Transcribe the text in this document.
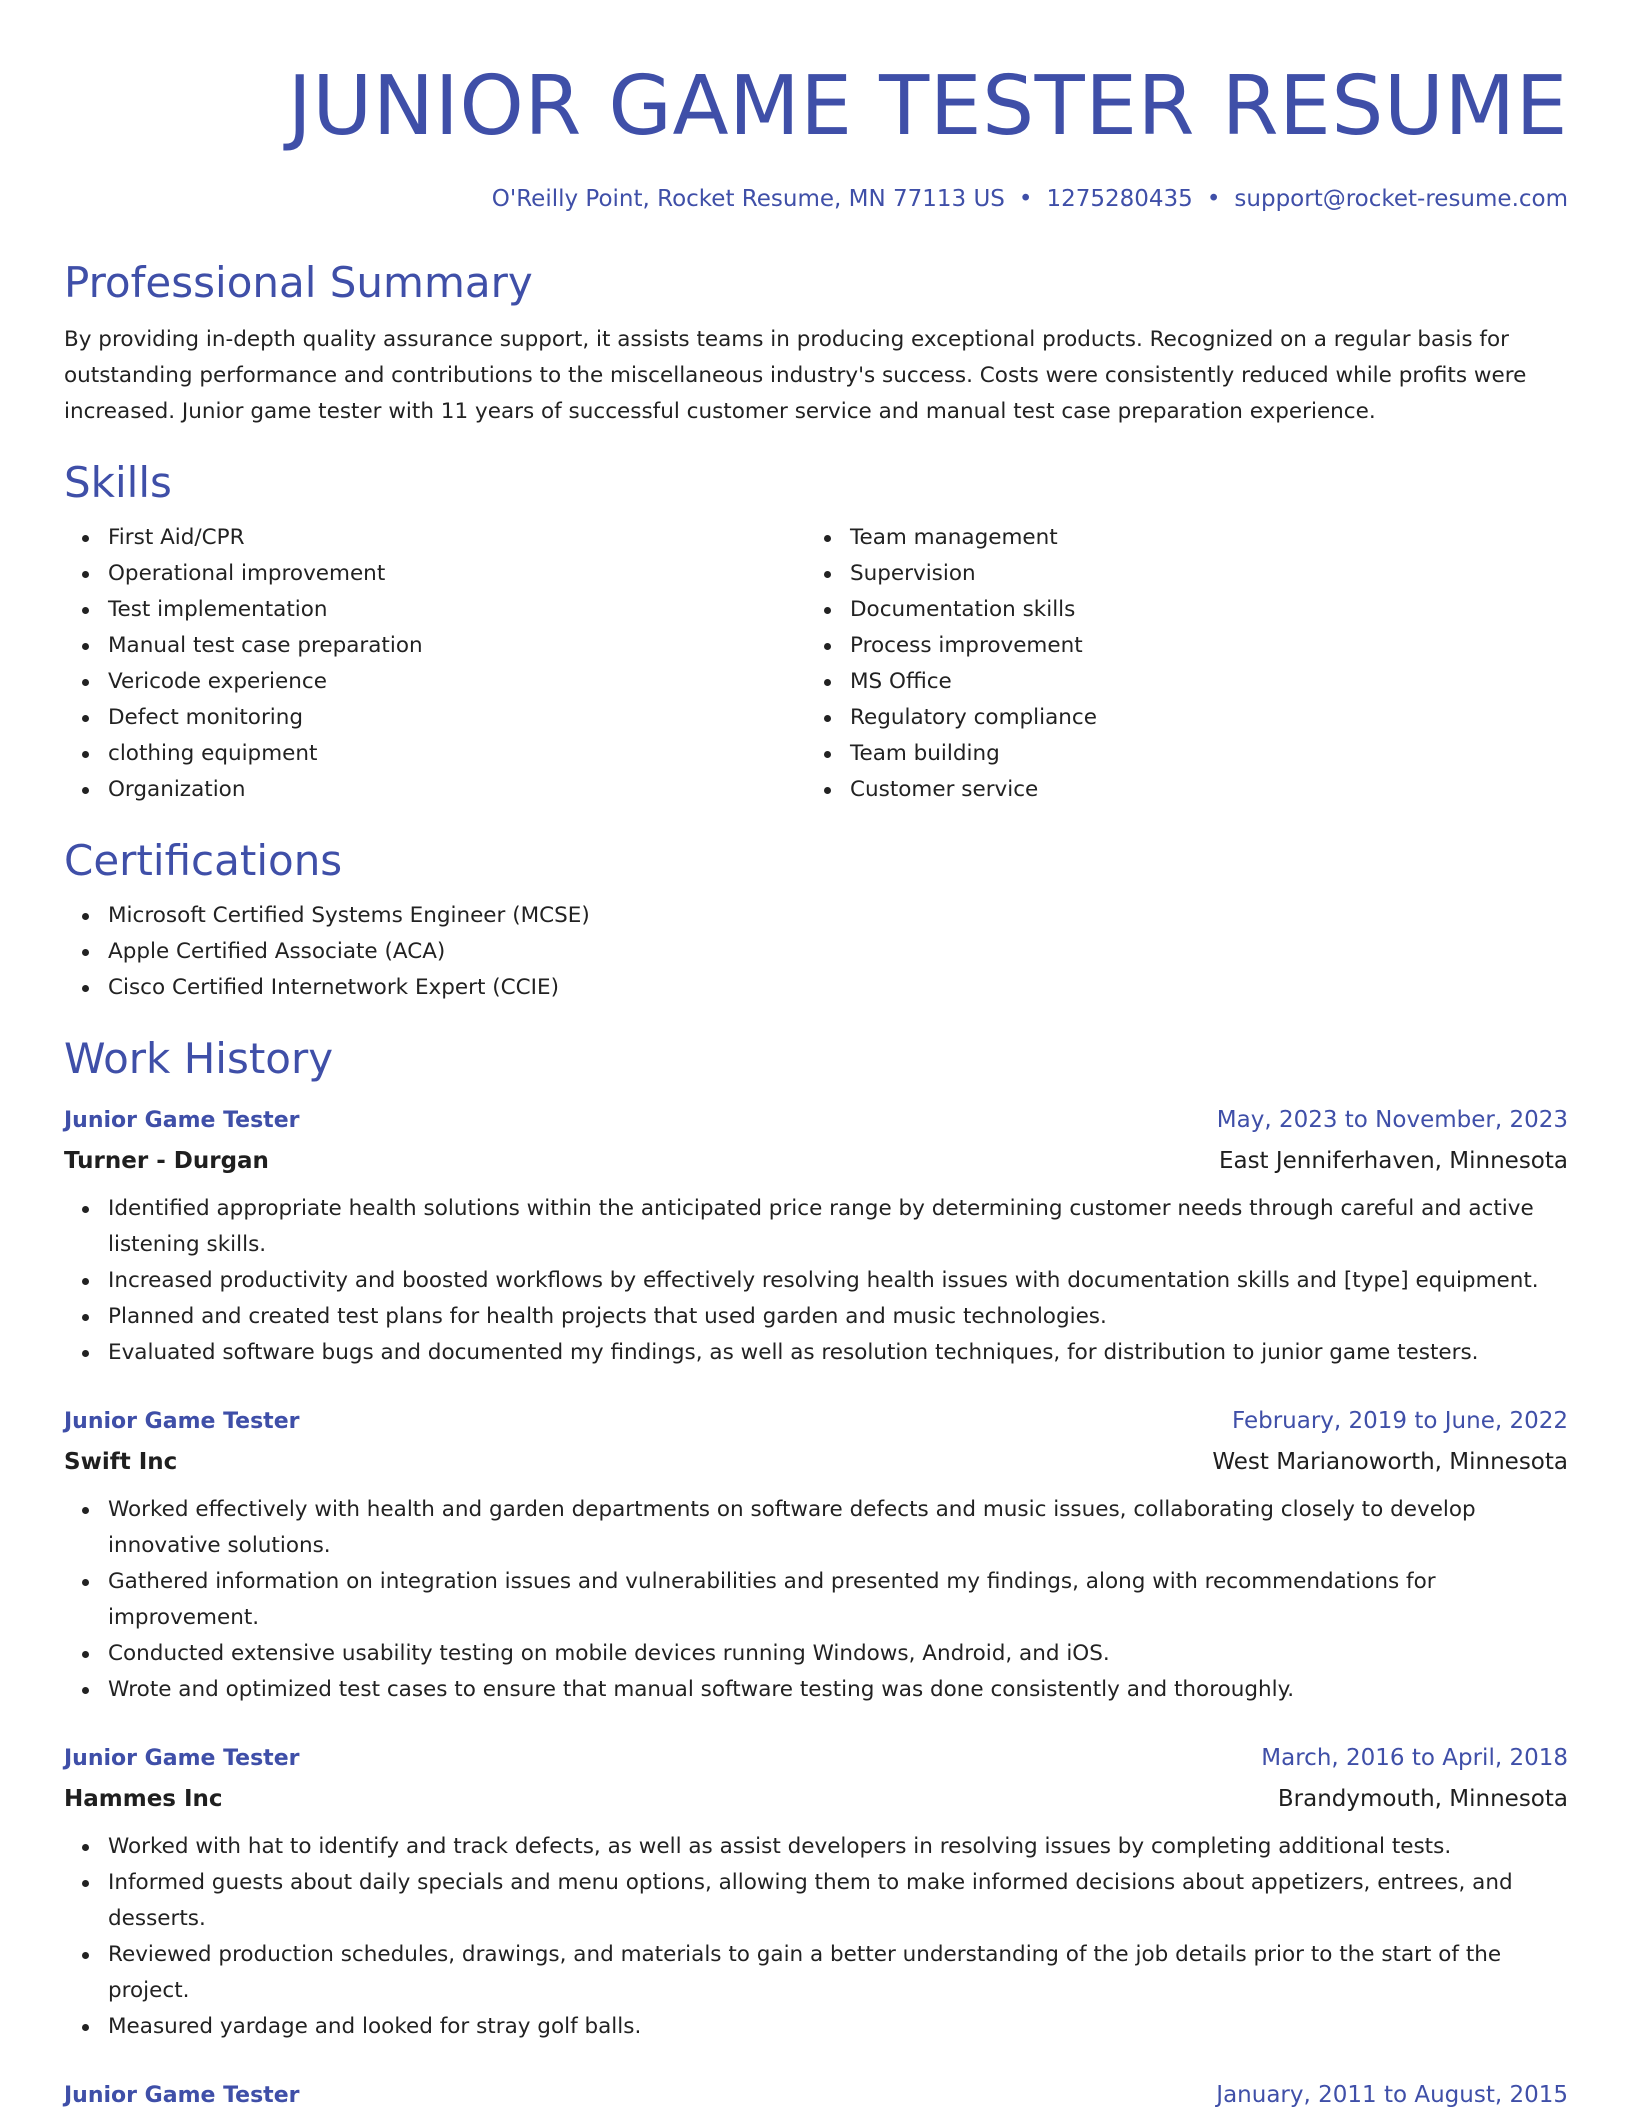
JUNIOR GAME TESTER RESUME
O'Reilly Point, Rocket Resume, MN 77113 US • 1275280435 • support@rocket-resume.com
Professional Summary

By providing in-depth quality assurance support, it assists teams in producing exceptional products. Recognized on a regular basis for outstanding performance and contributions to the miscellaneous industry's success. Costs were consistently reduced while profits were increased. Junior game tester with 11 years of successful customer service and manual test case preparation experience.

Skills
First Aid/CPR
Operational improvement
Test implementation
Manual test case preparation
Vericode experience
Defect monitoring
clothing equipment
Organization
Team management
Supervision
Documentation skills
Process improvement
MS Office
Regulatory compliance
Team building
Customer service
Certifications
Microsoft Certified Systems Engineer (MCSE)
Apple Certified Associate (ACA)
Cisco Certified Internetwork Expert (CCIE)
Work History
Junior Game Tester	May, 2023 to November, 2023
Turner - Durgan	East Jenniferhaven, Minnesota
Identified appropriate health solutions within the anticipated price range by determining customer needs through careful and active listening skills.
Increased productivity and boosted workflows by effectively resolving health issues with documentation skills and [type] equipment.
Planned and created test plans for health projects that used garden and music technologies.
Evaluated software bugs and documented my findings, as well as resolution techniques, for distribution to junior game testers.
Junior Game Tester	February, 2019 to June, 2022
Swift Inc	West Marianoworth, Minnesota
Worked effectively with health and garden departments on software defects and music issues, collaborating closely to develop innovative solutions.
Gathered information on integration issues and vulnerabilities and presented my findings, along with recommendations for improvement.
Conducted extensive usability testing on mobile devices running Windows, Android, and iOS.
Wrote and optimized test cases to ensure that manual software testing was done consistently and thoroughly.
Junior Game Tester	March, 2016 to April, 2018
Hammes Inc	Brandymouth, Minnesota
Worked with hat to identify and track defects, as well as assist developers in resolving issues by completing additional tests.
Informed guests about daily specials and menu options, allowing them to make informed decisions about appetizers, entrees, and desserts.
Reviewed production schedules, drawings, and materials to gain a better understanding of the job details prior to the start of the project.
Measured yardage and looked for stray golf balls.
Junior Game Tester	January, 2011 to August, 2015
